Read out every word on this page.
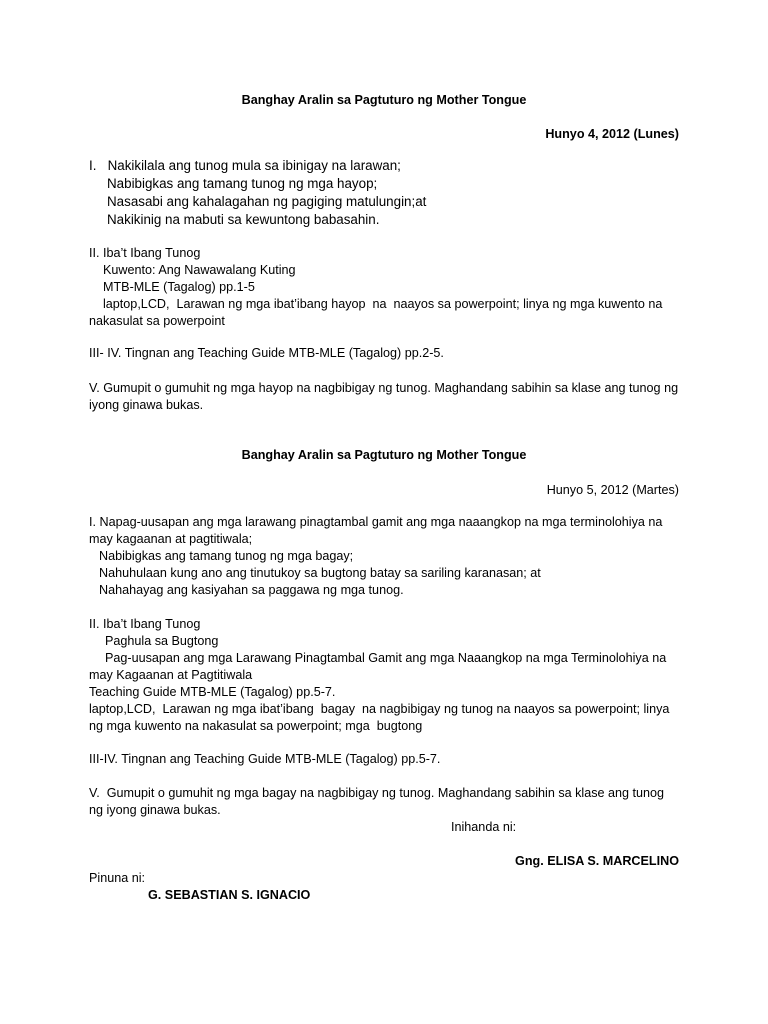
Banghay Aralin sa Pagtuturo ng Mother Tongue
Hunyo 4, 2012 (Lunes)
I.   Nakikilala ang tunog mula sa ibinigay na larawan;
Nabibigkas ang tamang tunog ng mga hayop;
Nasasabi ang kahalagahan ng pagiging matulungin;at
Nakikinig na mabuti sa kewuntong babasahin.
II. Iba’t Ibang Tunog
Kuwento: Ang Nawawalang Kuting
MTB-MLE (Tagalog) pp.1-5
laptop,LCD,  Larawan ng mga ibat’ibang hayop  na  naayos sa powerpoint; linya ng mga kuwento na
nakasulat sa powerpoint
III- IV. Tingnan ang Teaching Guide MTB-MLE (Tagalog) pp.2-5.
V. Gumupit o gumuhit ng mga hayop na nagbibigay ng tunog. Maghandang sabihin sa klase ang tunog ng
iyong ginawa bukas.
Banghay Aralin sa Pagtuturo ng Mother Tongue
Hunyo 5, 2012 (Martes)
I. Napag-uusapan ang mga larawang pinagtambal gamit ang mga naaangkop na mga terminolohiya na
may kagaanan at pagtitiwala;
Nabibigkas ang tamang tunog ng mga bagay;
Nahuhulaan kung ano ang tinutukoy sa bugtong batay sa sariling karanasan; at
Nahahayag ang kasiyahan sa paggawa ng mga tunog.
II. Iba’t Ibang Tunog
Paghula sa Bugtong
Pag-uusapan ang mga Larawang Pinagtambal Gamit ang mga Naaangkop na mga Terminolohiya na
may Kagaanan at Pagtitiwala
Teaching Guide MTB-MLE (Tagalog) pp.5-7.
laptop,LCD,  Larawan ng mga ibat’ibang  bagay  na nagbibigay ng tunog na naayos sa powerpoint; linya
ng mga kuwento na nakasulat sa powerpoint; mga  bugtong
III-IV. Tingnan ang Teaching Guide MTB-MLE (Tagalog) pp.5-7.
V.  Gumupit o gumuhit ng mga bagay na nagbibigay ng tunog. Maghandang sabihin sa klase ang tunog
ng iyong ginawa bukas.
Inihanda ni:
Gng. ELISA S. MARCELINO
Pinuna ni:
G. SEBASTIAN S. IGNACIO
